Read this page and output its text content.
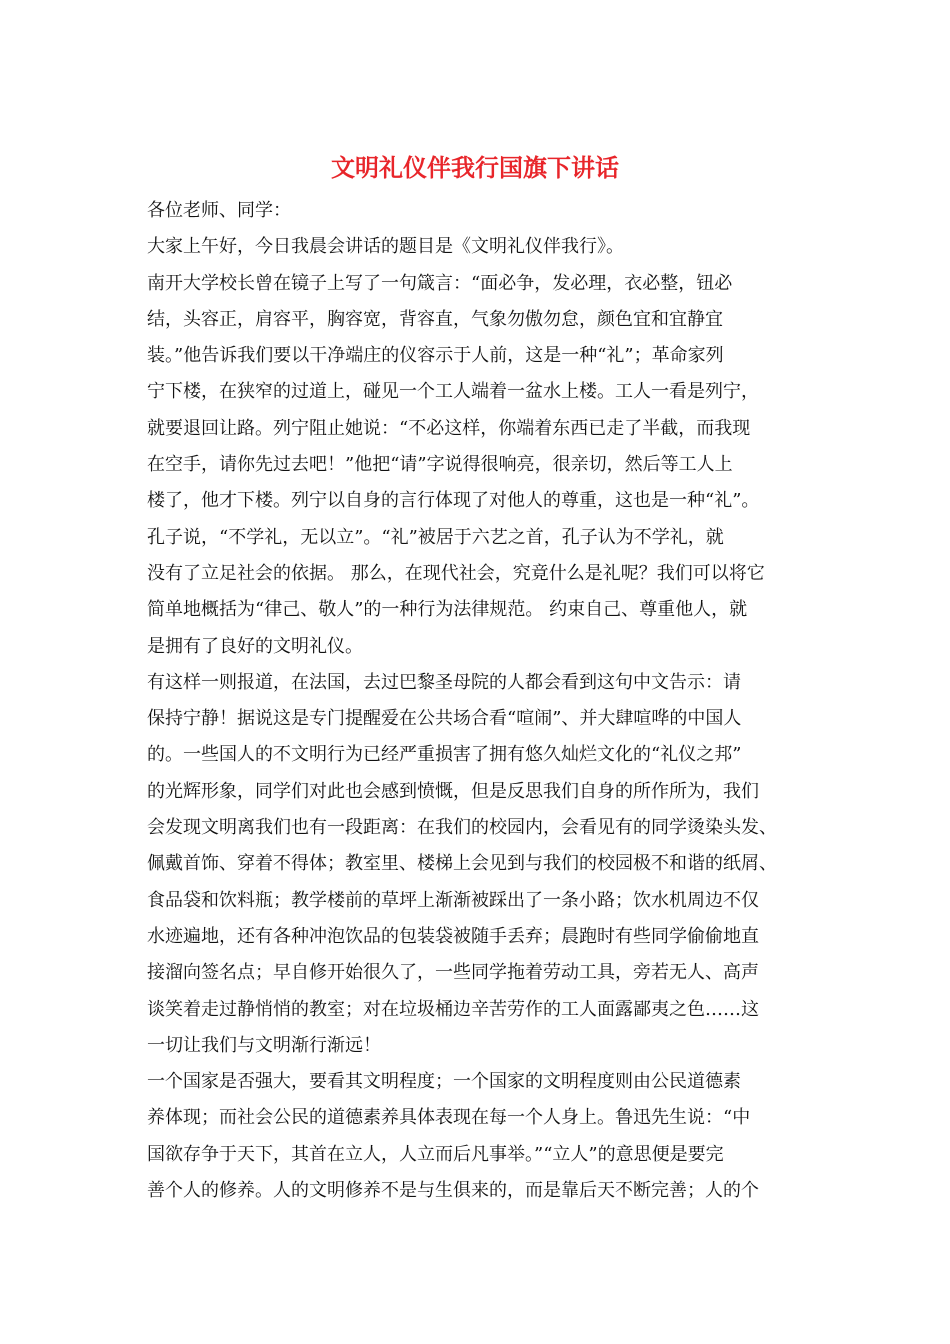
文明礼仪伴我行国旗下讲话
各位老师、同学：
大家上午好，今日我晨会讲话的题目是《文明礼仪伴我行》。
南开大学校长曾在镜子上写了一句箴言：“面必争，发必理，衣必整，钮必
结，头容正，肩容平，胸容宽，背容直，气象勿傲勿怠，颜色宜和宜静宜
装。”他告诉我们要以干净端庄的仪容示于人前，这是一种“礼”；革命家列
宁下楼，在狭窄的过道上，碰见一个工人端着一盆水上楼。工人一看是列宁，
就要退回让路。列宁阻止她说：“不必这样，你端着东西已走了半截，而我现
在空手，请你先过去吧！”他把“请”字说得很响亮，很亲切，然后等工人上
楼了，他才下楼。列宁以自身的言行体现了对他人的尊重，这也是一种“礼”。
孔子说，“不学礼，无以立”。“礼”被居于六艺之首，孔子认为不学礼，就
没有了立足社会的依据。 那么，在现代社会，究竟什么是礼呢？我们可以将它
简单地概括为“律己、敬人”的一种行为法律规范。 约束自己、尊重他人，就
是拥有了良好的文明礼仪。
有这样一则报道，在法国，去过巴黎圣母院的人都会看到这句中文告示：请
保持宁静！据说这是专门提醒爱在公共场合看“喧闹”、并大肆喧哗的中国人
的。一些国人的不文明行为已经严重损害了拥有悠久灿烂文化的“礼仪之邦”
的光辉形象，同学们对此也会感到愤慨，但是反思我们自身的所作所为，我们
会发现文明离我们也有一段距离：在我们的校园内，会看见有的同学烫染头发、
佩戴首饰、穿着不得体；教室里、楼梯上会见到与我们的校园极不和谐的纸屑、
食品袋和饮料瓶；教学楼前的草坪上渐渐被踩出了一条小路；饮水机周边不仅
水迹遍地，还有各种冲泡饮品的包装袋被随手丢弃；晨跑时有些同学偷偷地直
接溜向签名点；早自修开始很久了，一些同学拖着劳动工具，旁若无人、高声
谈笑着走过静悄悄的教室；对在垃圾桶边辛苦劳作的工人面露鄙夷之色……这
一切让我们与文明渐行渐远！
一个国家是否强大，要看其文明程度；一个国家的文明程度则由公民道德素
养体现；而社会公民的道德素养具体表现在每一个人身上。鲁迅先生说：“中
国欲存争于天下，其首在立人，人立而后凡事举。”“立人”的意思便是要完
善个人的修养。人的文明修养不是与生俱来的，而是靠后天不断完善；人的个
